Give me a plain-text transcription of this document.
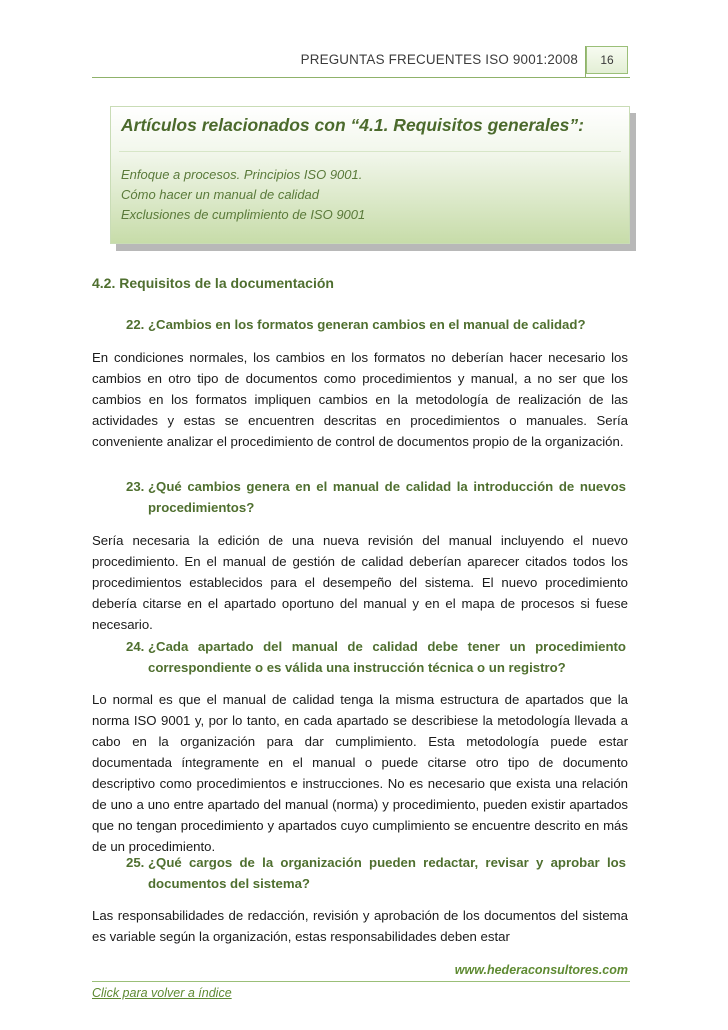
PREGUNTAS FRECUENTES ISO 9001:2008	16
Artículos relacionados con “4.1. Requisitos generales”:
Enfoque a procesos. Principios ISO 9001.
Cómo hacer un manual de calidad
Exclusiones de cumplimiento de ISO 9001
4.2. Requisitos de la documentación
22. ¿Cambios en los formatos generan cambios en el manual de calidad?

En condiciones normales, los cambios en los formatos no deberían hacer necesario los cambios en otro tipo de documentos como procedimientos y manual, a no ser que los cambios en los formatos impliquen cambios en la metodología de realización de las actividades y estas se encuentren descritas en procedimientos o manuales. Sería conveniente analizar el procedimiento de control de documentos propio de la organización.

23. ¿Qué cambios genera en el manual de calidad la introducción de nuevos procedimientos?

Sería necesaria la edición de una nueva revisión del manual incluyendo el nuevo procedimiento. En el manual de gestión de calidad deberían aparecer citados todos los procedimientos establecidos para el desempeño del sistema. El nuevo procedimiento debería citarse en el apartado oportuno del manual y en el mapa de procesos si fuese necesario.

24. ¿Cada apartado del manual de calidad debe tener un procedimiento correspondiente o es válida una instrucción técnica o un registro?

Lo normal es que el manual de calidad tenga la misma estructura de apartados que la norma ISO 9001 y, por lo tanto, en cada apartado se describiese la metodología llevada a cabo en la organización para dar cumplimiento. Esta metodología puede estar documentada íntegramente en el manual o puede citarse otro tipo de documento descriptivo como procedimientos e instrucciones. No es necesario que exista una relación de uno a uno entre apartado del manual (norma) y procedimiento, pueden existir apartados que no tengan procedimiento y apartados cuyo cumplimiento se encuentre descrito en más de un procedimiento.

25. ¿Qué cargos de la organización pueden redactar, revisar y aprobar los documentos del sistema?

Las responsabilidades de redacción, revisión y aprobación de los documentos del sistema es variable según la organización, estas responsabilidades deben estar

www.hederaconsultores.com
Click para volver a índice
